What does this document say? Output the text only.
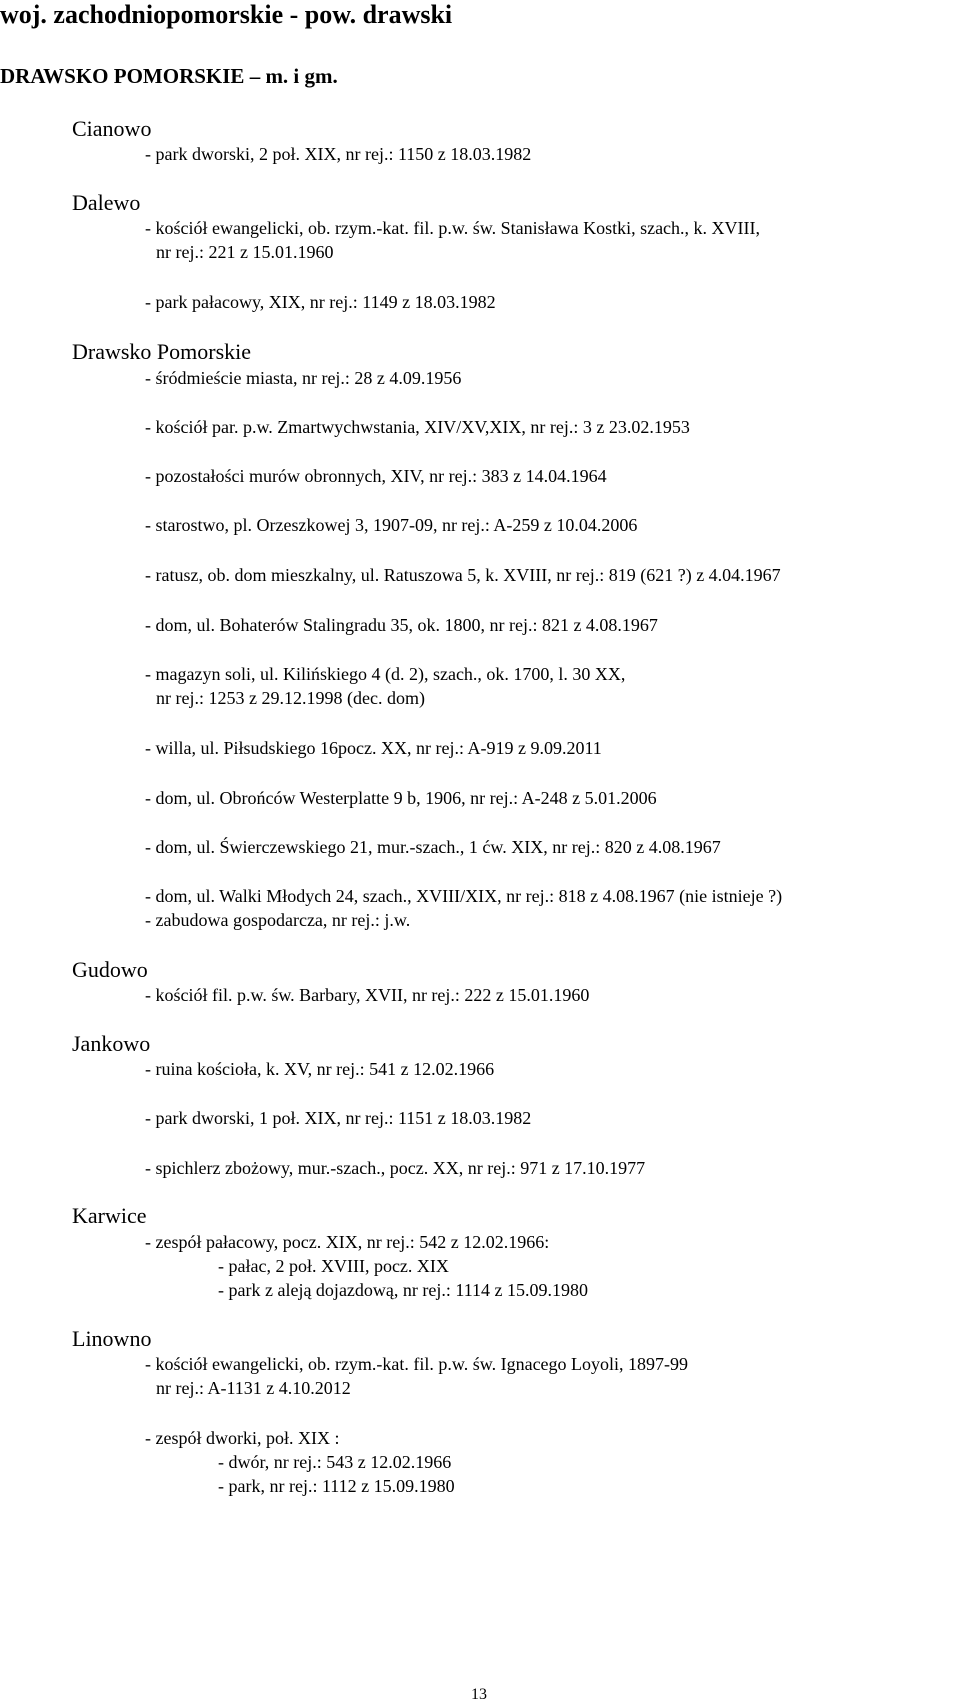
woj. zachodniopomorskie - pow. drawski
DRAWSKO POMORSKIE – m. i gm.
Cianowo
- park dworski, 2 poł. XIX, nr rej.: 1150 z 18.03.1982
Dalewo
- kościół ewangelicki, ob. rzym.-kat. fil. p.w. św. Stanisława Kostki, szach., k. XVIII,
nr rej.: 221 z 15.01.1960
- park pałacowy, XIX, nr rej.: 1149 z 18.03.1982
Drawsko Pomorskie
- śródmieście miasta, nr rej.: 28 z 4.09.1956
- kościół par. p.w. Zmartwychwstania, XIV/XV,XIX, nr rej.: 3 z 23.02.1953
- pozostałości murów obronnych, XIV, nr rej.: 383 z 14.04.1964
- starostwo, pl. Orzeszkowej 3, 1907-09, nr rej.: A-259 z 10.04.2006
- ratusz, ob. dom mieszkalny, ul. Ratuszowa 5, k. XVIII, nr rej.: 819 (621 ?) z 4.04.1967
- dom, ul. Bohaterów Stalingradu 35, ok. 1800, nr rej.: 821 z 4.08.1967
- magazyn soli, ul. Kilińskiego 4 (d. 2), szach., ok. 1700, l. 30 XX,
nr rej.: 1253 z 29.12.1998 (dec. dom)
- willa, ul. Piłsudskiego 16pocz. XX, nr rej.: A-919 z 9.09.2011
- dom, ul. Obrońców Westerplatte 9 b, 1906, nr rej.: A-248 z 5.01.2006
- dom, ul. Świerczewskiego 21, mur.-szach., 1 ćw. XIX, nr rej.: 820 z 4.08.1967
- dom, ul. Walki Młodych 24, szach., XVIII/XIX, nr rej.: 818 z 4.08.1967 (nie istnieje ?)
- zabudowa gospodarcza, nr rej.: j.w.
Gudowo
- kościół fil. p.w. św. Barbary, XVII, nr rej.: 222 z 15.01.1960
Jankowo
- ruina kościoła, k. XV, nr rej.: 541 z 12.02.1966
- park dworski, 1 poł. XIX, nr rej.: 1151 z 18.03.1982
- spichlerz zbożowy, mur.-szach., pocz. XX, nr rej.: 971 z 17.10.1977
Karwice
- zespół pałacowy, pocz. XIX, nr rej.: 542 z 12.02.1966:
- pałac, 2 poł. XVIII, pocz. XIX
- park z aleją dojazdową, nr rej.: 1114 z 15.09.1980
Linowno
- kościół ewangelicki, ob. rzym.-kat. fil. p.w. św. Ignacego Loyoli, 1897-99
nr rej.: A-1131 z 4.10.2012
- zespół dworki, poł. XIX :
- dwór, nr rej.: 543 z 12.02.1966
- park, nr rej.: 1112 z 15.09.1980
13
